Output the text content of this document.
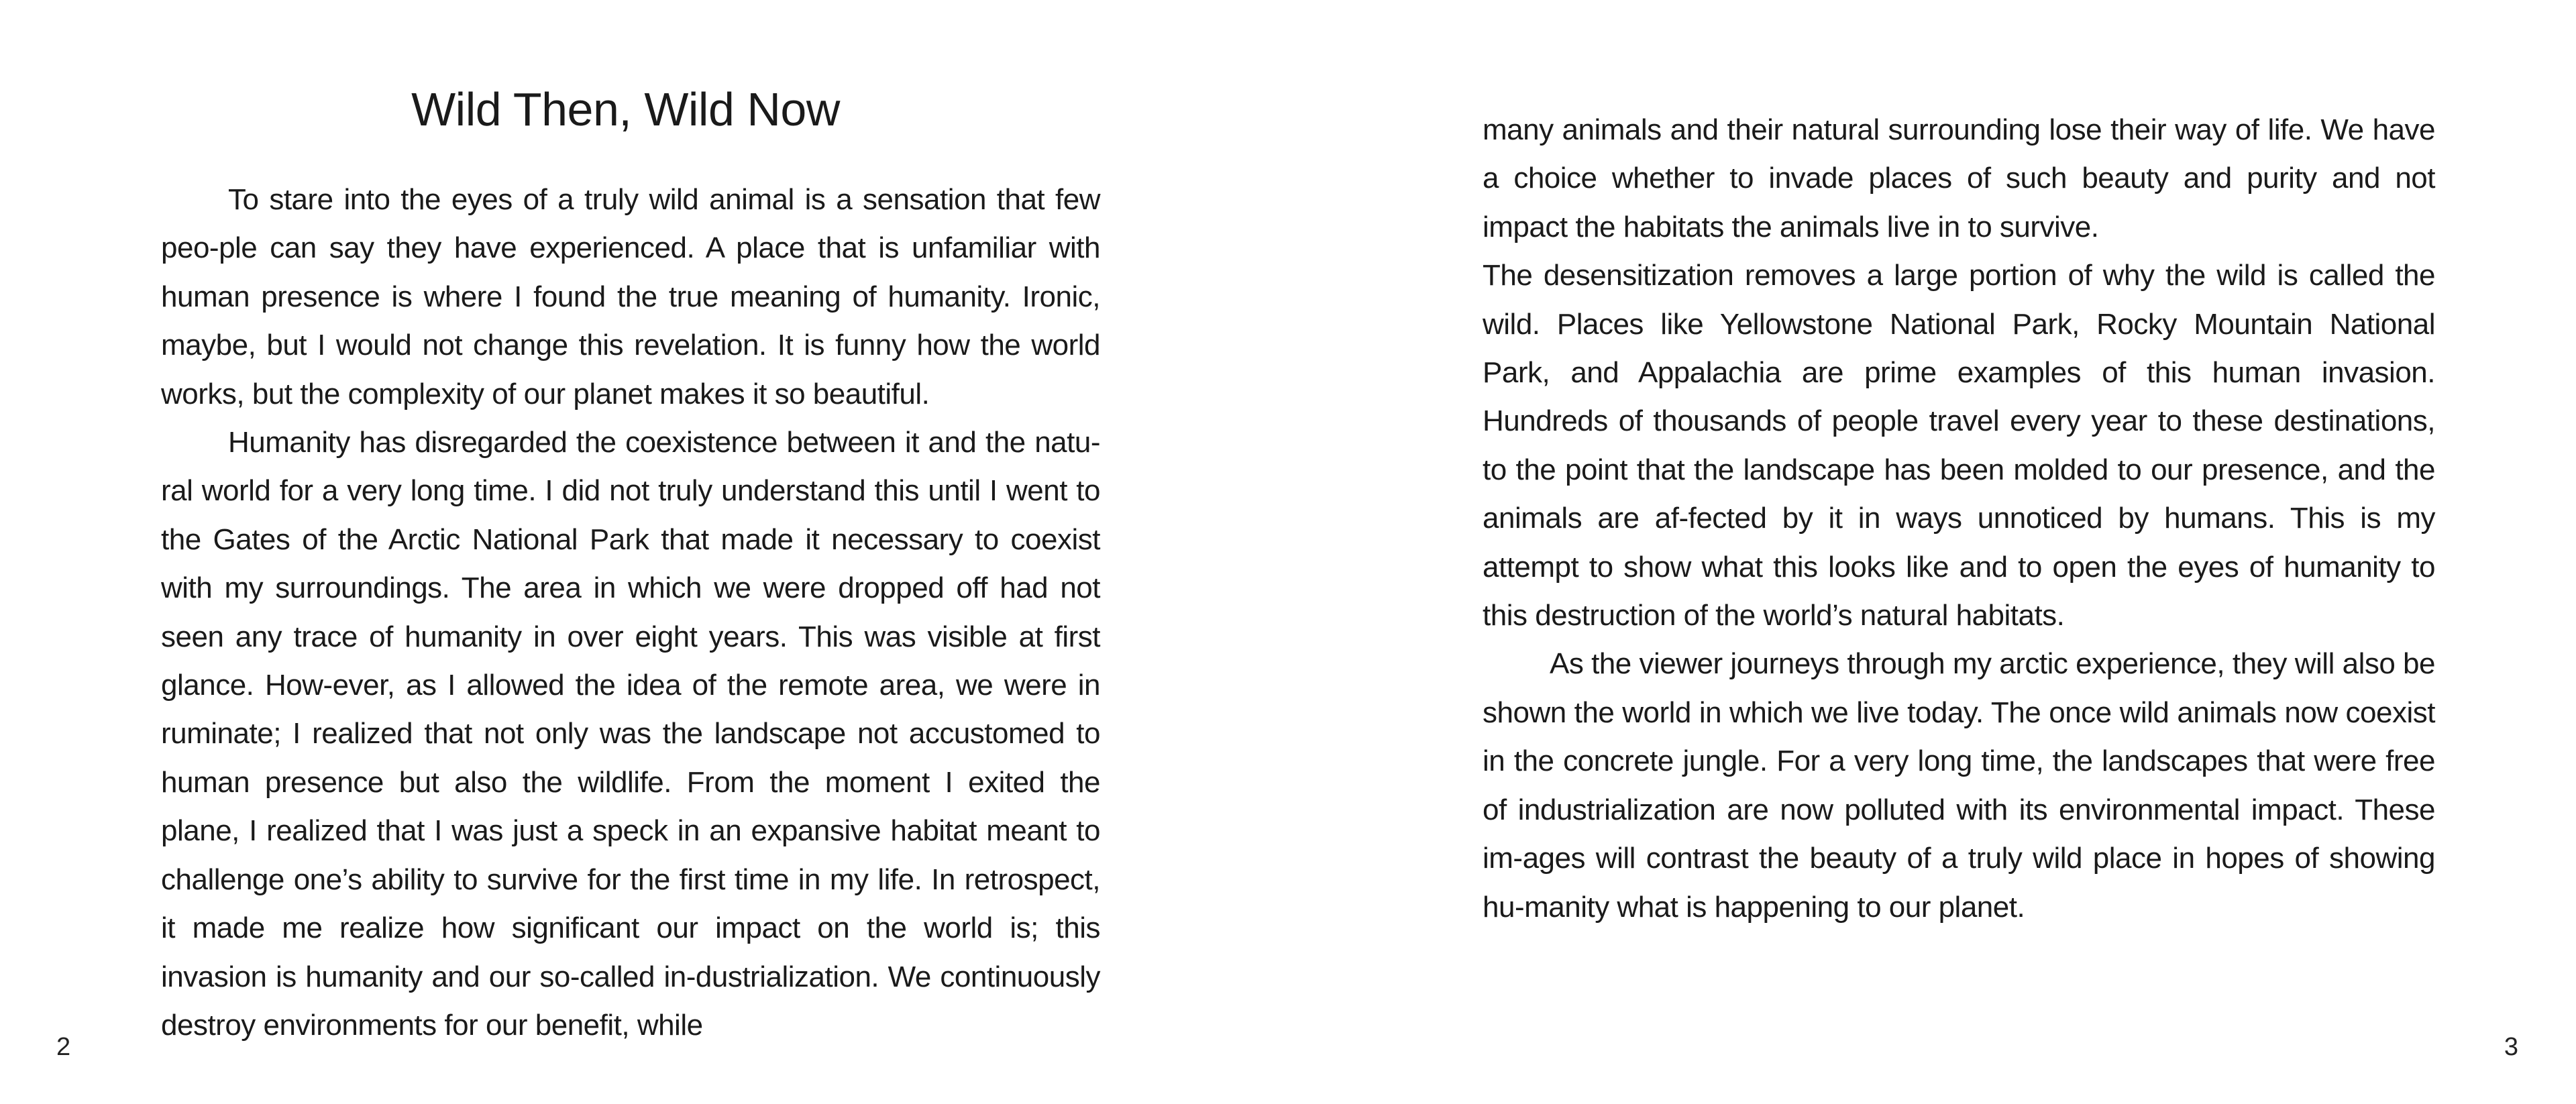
Wild Then, Wild Now

To stare into the eyes of a truly wild animal is a sensation that few peo-ple can say they have experienced. A place that is unfamiliar with human presence is where I found the true meaning of humanity. Ironic, maybe, but I would not change this revelation. It is funny how the world works, but the complexity of our planet makes it so beautiful.

Humanity has disregarded the coexistence between it and the natu-ral world for a very long time. I did not truly understand this until I went to the Gates of the Arctic National Park that made it necessary to coexist with my surroundings. The area in which we were dropped off had not seen any trace of humanity in over eight years. This was visible at first glance. How-ever, as I allowed the idea of the remote area, we were in ruminate; I realized that not only was the landscape not accustomed to human presence but also the wildlife. From the moment I exited the plane, I realized that I was just a speck in an expansive habitat meant to challenge one’s ability to survive for the first time in my life. In retrospect, it made me realize how significant our impact on the world is; this invasion is humanity and our so-called in-dustrialization. We continuously destroy environments for our benefit, while

2

many animals and their natural surrounding lose their way of life. We have a choice whether to invade places of such beauty and purity and not impact the habitats the animals live in to survive.

The desensitization removes a large portion of why the wild is called the wild. Places like Yellowstone National Park, Rocky Mountain National Park, and Appalachia are prime examples of this human invasion. Hundreds of thousands of people travel every year to these destinations, to the point that the landscape has been molded to our presence, and the animals are af-fected by it in ways unnoticed by humans. This is my attempt to show what this looks like and to open the eyes of humanity to this destruction of the world’s natural habitats.

As the viewer journeys through my arctic experience, they will also be shown the world in which we live today. The once wild animals now coexist in the concrete jungle. For a very long time, the landscapes that were free of industrialization are now polluted with its environmental impact. These im-ages will contrast the beauty of a truly wild place in hopes of showing hu-manity what is happening to our planet.

3
